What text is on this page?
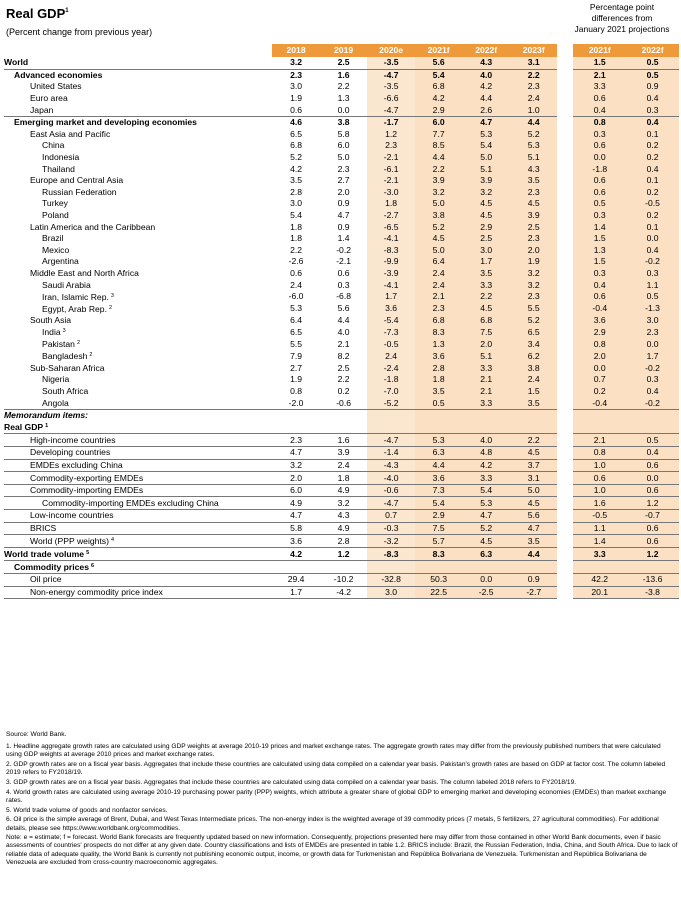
Real GDP$^1$
(Percent change from previous year)
Percentage point
differences from
January 2021 projections
	2018	2019	2020e	2021f	2022f	2023f		2021f	2022f
World	3.2	2.5	-3.5	5.6	4.3	3.1		1.5	0.5
Advanced economies	2.3	1.6	-4.7	5.4	4.0	2.2		2.1	0.5
United States	3.0	2.2	-3.5	6.8	4.2	2.3		3.3	0.9
Euro area	1.9	1.3	-6.6	4.2	4.4	2.4		0.6	0.4
Japan	0.6	0.0	-4.7	2.9	2.6	1.0		0.4	0.3
Emerging market and developing economies	4.6	3.8	-1.7	6.0	4.7	4.4		0.8	0.4
East Asia and Pacific	6.5	5.8	1.2	7.7	5.3	5.2		0.3	0.1
China	6.8	6.0	2.3	8.5	5.4	5.3		0.6	0.2
Indonesia	5.2	5.0	-2.1	4.4	5.0	5.1		0.0	0.2
Thailand	4.2	2.3	-6.1	2.2	5.1	4.3		-1.8	0.4
Europe and Central Asia	3.5	2.7	-2.1	3.9	3.9	3.5		0.6	0.1
Russian Federation	2.8	2.0	-3.0	3.2	3.2	2.3		0.6	0.2
Turkey	3.0	0.9	1.8	5.0	4.5	4.5		0.5	-0.5
Poland	5.4	4.7	-2.7	3.8	4.5	3.9		0.3	0.2
Latin America and the Caribbean	1.8	0.9	-6.5	5.2	2.9	2.5		1.4	0.1
Brazil	1.8	1.4	-4.1	4.5	2.5	2.3		1.5	0.0
Mexico	2.2	-0.2	-8.3	5.0	3.0	2.0		1.3	0.4
Argentina	-2.6	-2.1	-9.9	6.4	1.7	1.9		1.5	-0.2
Middle East and North Africa	0.6	0.6	-3.9	2.4	3.5	3.2		0.3	0.3
Saudi Arabia	2.4	0.3	-4.1	2.4	3.3	3.2		0.4	1.1
Iran, Islamic Rep. $^3$	-6.0	-6.8	1.7	2.1	2.2	2.3		0.6	0.5
Egypt, Arab Rep. $^2$	5.3	5.6	3.6	2.3	4.5	5.5		-0.4	-1.3
South Asia	6.4	4.4	-5.4	6.8	6.8	5.2		3.6	3.0
India $^3$	6.5	4.0	-7.3	8.3	7.5	6.5		2.9	2.3
Pakistan $^2$	5.5	2.1	-0.5	1.3	2.0	3.4		0.8	0.0
Bangladesh $^2$	7.9	8.2	2.4	3.6	5.1	6.2		2.0	1.7
Sub-Saharan Africa	2.7	2.5	-2.4	2.8	3.3	3.8		0.0	-0.2
Nigeria	1.9	2.2	-1.8	1.8	2.1	2.4		0.7	0.3
South Africa	0.8	0.2	-7.0	3.5	2.1	1.5		0.2	0.4
Angola	-2.0	-0.6	-5.2	0.5	3.3	3.5		-0.4	-0.2
Memorandum items:									
Real GDP $^1$									
High-income countries	2.3	1.6	-4.7	5.3	4.0	2.2		2.1	0.5
Developing countries	4.7	3.9	-1.4	6.3	4.8	4.5		0.8	0.4
EMDEs excluding China	3.2	2.4	-4.3	4.4	4.2	3.7		1.0	0.6
Commodity-exporting EMDEs	2.0	1.8	-4.0	3.6	3.3	3.1		0.6	0.0
Commodity-importing EMDEs	6.0	4.9	-0.6	7.3	5.4	5.0		1.0	0.6
Commodity-importing EMDEs excluding China	4.9	3.2	-4.7	5.4	5.3	4.5		1.6	1.2
Low-income countries	4.7	4.3	0.7	2.9	4.7	5.6		-0.5	-0.7
BRICS	5.8	4.9	-0.3	7.5	5.2	4.7		1.1	0.6
World (PPP weights) $^4$	3.6	2.8	-3.2	5.7	4.5	3.5		1.4	0.6
World trade volume $^5$	4.2	1.2	-8.3	8.3	6.3	4.4		3.3	1.2
Commodity prices $^6$									
Oil price	29.4	-10.2	-32.8	50.3	0.0	0.9		42.2	-13.6
Non-energy commodity price index	1.7	-4.2	3.0	22.5	-2.5	-2.7		20.1	-3.8

Source: World Bank.

1. Headline aggregate growth rates are calculated using GDP weights at average 2010-19 prices and market exchange rates. The aggregate growth rates may differ from the previously published numbers that were calculated using GDP weights at average 2010 prices and market exchange rates.

2. GDP growth rates are on a fiscal year basis. Aggregates that include these countries are calculated using data compiled on a calendar year basis. Pakistan's growth rates are based on GDP at factor cost. The column labeled 2019 refers to FY2018/19.

3. GDP growth rates are on a fiscal year basis. Aggregates that include these countries are calculated using data compiled on a calendar year basis. The column labeled 2018 refers to FY2018/19.

4. World growth rates are calculated using average 2010-19 purchasing power parity (PPP) weights, which attribute a greater share of global GDP to emerging market and developing economies (EMDEs) than market exchange rates.

5. World trade volume of goods and nonfactor services.

6. Oil price is the simple average of Brent, Dubai, and West Texas Intermediate prices. The non-energy index is the weighted average of 39 commodity prices (7 metals, 5 fertilizers, 27 agricultural commodities). For additional details, please see https://www.worldbank.org/commodities.

Note: e = estimate; f = forecast. World Bank forecasts are frequently updated based on new information. Consequently, projections presented here may differ from those contained in other World Bank documents, even if basic assessments of countries' prospects do not differ at any given date. Country classifications and lists of EMDEs are presented in table 1.2. BRICS include: Brazil, the Russian Federation, India, China, and South Africa. Due to lack of reliable data of adequate quality, the World Bank is currently not publishing economic output, income, or growth data for Turkmenistan and República Bolivariana de Venezuela. Turkmenistan and República Bolivariana de Venezuela are excluded from cross-country macroeconomic aggregates.
